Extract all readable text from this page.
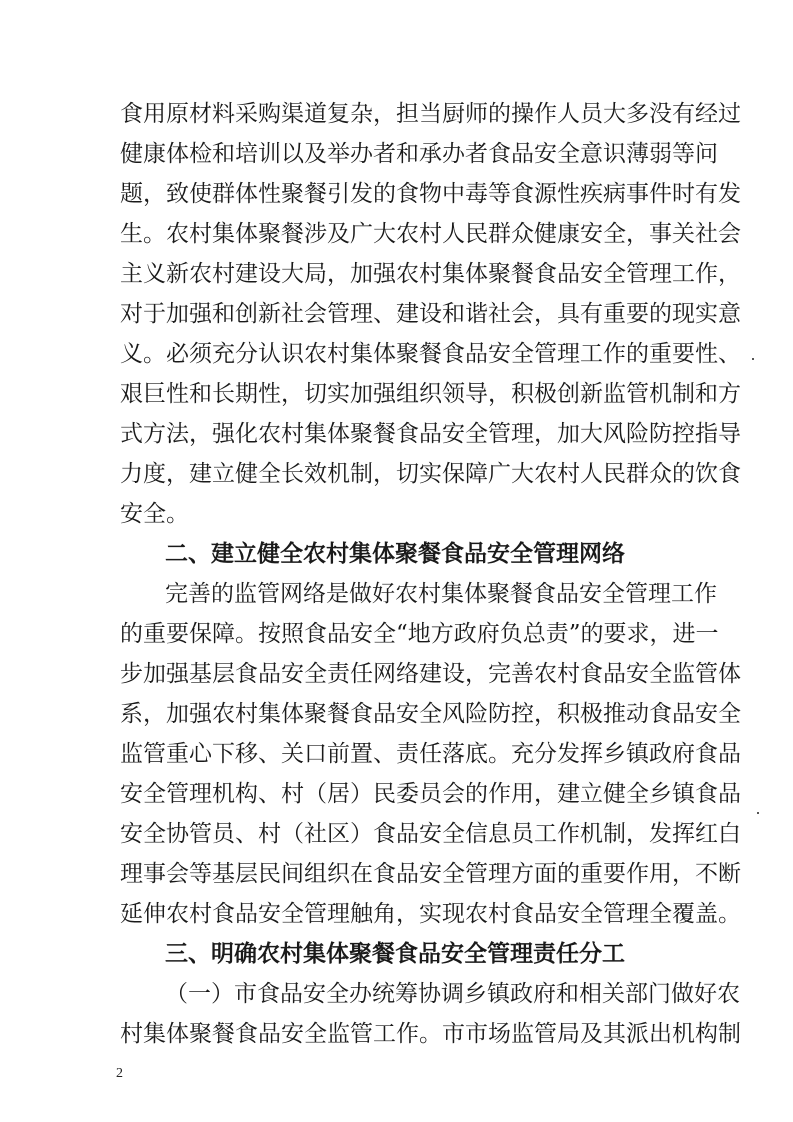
食用原材料采购渠道复杂，担当厨师的操作人员大多没有经过
健康体检和培训以及举办者和承办者食品安全意识薄弱等问
题，致使群体性聚餐引发的食物中毒等食源性疾病事件时有发
生。农村集体聚餐涉及广大农村人民群众健康安全，事关社会
主义新农村建设大局，加强农村集体聚餐食品安全管理工作，
对于加强和创新社会管理、建设和谐社会，具有重要的现实意
义。必须充分认识农村集体聚餐食品安全管理工作的重要性、
艰巨性和长期性，切实加强组织领导，积极创新监管机制和方
式方法，强化农村集体聚餐食品安全管理，加大风险防控指导
力度，建立健全长效机制，切实保障广大农村人民群众的饮食
安全。
二、建立健全农村集体聚餐食品安全管理网络
完善的监管网络是做好农村集体聚餐食品安全管理工作
的重要保障。按照食品安全“地方政府负总责”的要求，进一
步加强基层食品安全责任网络建设，完善农村食品安全监管体
系，加强农村集体聚餐食品安全风险防控，积极推动食品安全
监管重心下移、关口前置、责任落底。充分发挥乡镇政府食品
安全管理机构、村（居）民委员会的作用，建立健全乡镇食品
安全协管员、村（社区）食品安全信息员工作机制，发挥红白
理事会等基层民间组织在食品安全管理方面的重要作用，不断
延伸农村食品安全管理触角，实现农村食品安全管理全覆盖。
三、明确农村集体聚餐食品安全管理责任分工
（一）市食品安全办统筹协调乡镇政府和相关部门做好农
村集体聚餐食品安全监管工作。市市场监管局及其派出机构制
2
